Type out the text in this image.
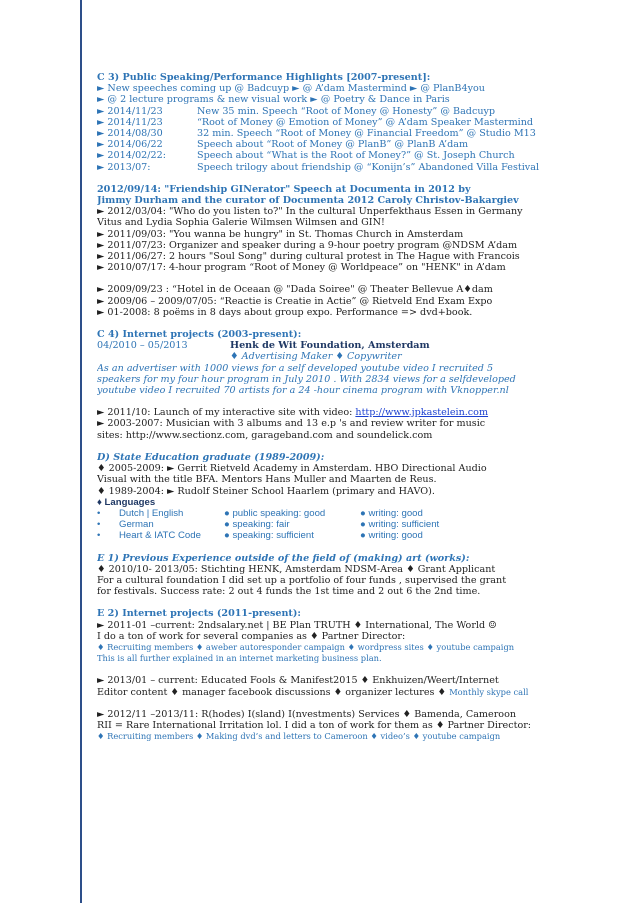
C 3) Public Speaking/Performance Highlights [2007-present]:
► New speeches coming up @ Badcuyp ► @ A’dam Mastermind ► @ PlanB4you
► @ 2 lecture programs & new visual work ► @ Poetry & Dance in Paris
► 2014/11/23	New 35 min. Speech “Root of Money @ Honesty” @ Badcuyp
► 2014/11/23	“Root of Money @ Emotion of Money” @ A’dam Speaker Mastermind
► 2014/08/30	32 min. Speech “Root of Money @ Financial Freedom” @ Studio M13
► 2014/06/22	Speech about “Root of Money @ PlanB” @ PlanB A’dam
► 2014/02/22:	Speech about “What is the Root of Money?” @ St. Joseph Church
► 2013/07:	Speech trilogy about friendship @ “Konijn’s” Abandoned Villa Festival
2012/09/14: "Friendship GINerator" Speech at Documenta in 2012 by
Jimmy Durham and the curator of Documenta 2012 Caroly Christov-Bakargiev
► 2012/03/04: "Who do you listen to?" In the cultural Unperfekthaus Essen in Germany
Vitus and Lydia Sophia Galerie Wilmsen Wilmsen and GIN!
► 2011/09/03: "You wanna be hungry" in St. Thomas Church in Amsterdam
► 2011/07/23: Organizer and speaker during a 9-hour poetry program @NDSM A’dam
► 2011/06/27: 2 hours "Soul Song" during cultural protest in The Hague with Francois
► 2010/07/17: 4-hour program “Root of Money @ Worldpeace” on "HENK" in A’dam
► 2009/09/23 : “Hotel in de Oceaan @ "Dada Soiree" @ Theater Bellevue A♦dam
► 2009/06 – 2009/07/05: “Reactie is Creatie in Actie” @ Rietveld End Exam Expo
► 01-2008: 8 poëms in 8 days about group expo. Performance => dvd+book.
C 4) Internet projects (2003-present):
04/2010 – 05/2013	Henk de Wit Foundation, Amsterdam
♦ Advertising Maker ♦ Copywriter
As an advertiser with 1000 views for a self developed youtube video I recruited 5
speakers for my four hour program in July 2010 . With 2834 views for a selfdeveloped
youtube video I recruited 70 artists for a 24 -hour cinema program with Vknopper.nl
► 2011/10: Launch of my interactive site with video: http://www.jpkastelein.com
► 2003-2007: Musician with 3 albums and 13 e.p 's and review writer for music
sites: http://www.sectionz.com, garageband.com and soundelick.com
D) State Education graduate (1989-2009):
♦ 2005-2009: ► Gerrit Rietveld Academy in Amsterdam. HBO Directional Audio
Visual with the title BFA. Mentors Hans Muller and Maarten de Reus.
♦ 1989-2004: ► Rudolf Steiner School Haarlem (primary and HAVO).
♦ Languages
•	Dutch | English	● public speaking: good	● writing: good
•	German	● speaking: fair	● writing: sufficient
•	Heart & IATC Code	● speaking: sufficient	● writing: good
E 1) Previous Experience outside of the field of (making) art (works):
♦ 2010/10- 2013/05: Stichting HENK, Amsterdam NDSM-Area ♦ Grant Applicant
For a cultural foundation I did set up a portfolio of four funds , supervised the grant
for festivals. Success rate: 2 out 4 funds the 1st time and 2 out 6 the 2nd time.
E 2) Internet projects (2011-present):
► 2011-01 –current: 2ndsalary.net | BE Plan TRUTH ♦ International, The World ☺
I do a ton of work for several companies as ♦ Partner Director:
♦ Recruiting members ♦ aweber autoresponder campaign ♦ wordpress sites ♦ youtube campaign
This is all further explained in an internet marketing business plan.
► 2013/01 – current: Educated Fools & Manifest2015 ♦ Enkhuizen/Weert/Internet
Editor content ♦ manager facebook discussions ♦ organizer lectures ♦ Monthly skype call
► 2012/11 –2013/11: R(hodes) I(sland) I(nvestments) Services ♦ Bamenda, Cameroon
RII = Rare International Irritation lol. I did a ton of work for them as ♦ Partner Director:
♦ Recruiting members ♦ Making dvd’s and letters to Cameroon ♦ video’s ♦ youtube campaign
